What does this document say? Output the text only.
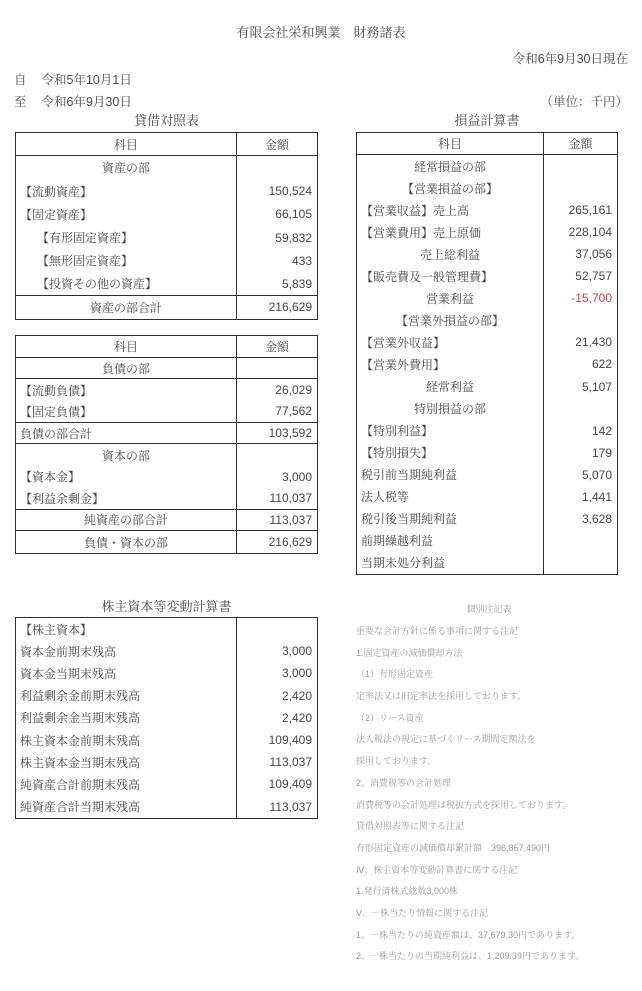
有限会社栄和興業　財務諸表
令和6年9月30日現在
自 令和5年10月1日
至 令和6年9月30日	（単位：千円）
貸借対照表
科目	金額
資産の部
【流動資産】	150,524
【固定資産】	66,105
【有形固定資産】	59,832
【無形固定資産】	433
【投資その他の資産】	5,839
資産の部合計	216,629
科目	金額
負債の部
【流動負債】	26,029
【固定負債】	77,562
負債の部合計	103,592
資本の部
【資本金】	3,000
【利益余剰金】	110,037
純資産の部合計	113,037
負債・資本の部	216,629
損益計算書
科目	金額
経常損益の部
【営業損益の部】
【営業収益】売上高	265,161
【営業費用】売上原価	228,104
売上総利益	37,056
【販売費及一般管理費】	52,757
営業利益	-15,700
【営業外損益の部】
【営業外収益】	21,430
【営業外費用】	622
経常利益	5,107
特別損益の部
【特別利益】	142
【特別損失】	179
税引前当期純利益	5,070
法人税等	1,441
税引後当期純利益	3,628
前期繰越利益
当期未処分利益
株主資本等変動計算書
【株主資本】
資本金前期末残高	3,000
資本金当期末残高	3,000
利益剰余金前期末残高	2,420
利益剰余金当期末残高	2,420
株主資本金前期末残高	109,409
株主資本金当期末残高	113,037
純資産合計前期末残高	109,409
純資産合計当期末残高	113,037
個別注記表
重要な会計方針に係る事項に関する注記
1.固定資産の減価償却方法
（1）有形固定資産
定率法又は旧定率法を採用しております。
（2）リース資産
法人税法の規定に基づくリース期間定額法を
採用しております。
2、消費税等の会計処理
消費税等の会計処理は税抜方式を採用しております。
貸借対照表等に関する注記
有形固定資産の減価償却累計額　396,867,490円
Ⅳ、株主資本等変動計算書に関する注記
1.発行済株式総数3,000株
Ⅴ、一株当たり情報に関する注記
1、一株当たりの純資産額は、37,679.30円であります。
2、一株当たりの当期純利益は、1,209.39円であります。
